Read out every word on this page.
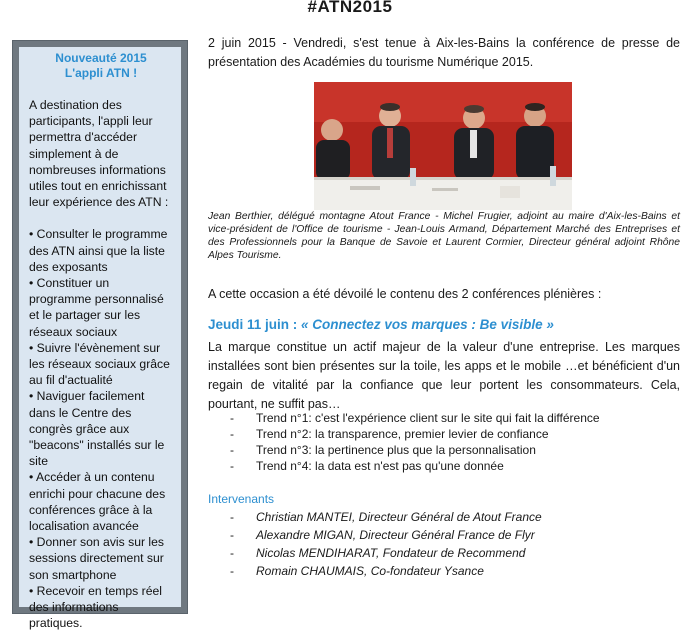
#ATN2015
Nouveauté 2015
L'appli ATN !

A destination des participants, l'appli leur permettra d'accéder simplement à de nombreuses informations utiles tout en enrichissant leur expérience des ATN :

• Consulter le programme des ATN ainsi que la liste des exposants
• Constituer un programme personnalisé et le partager sur les réseaux sociaux
• Suivre l'évènement sur les réseaux sociaux grâce au fil d'actualité
• Naviguer facilement dans le Centre des congrès grâce aux "beacons" installés sur le site
• Accéder à un contenu enrichi pour chacune des conférences grâce à la localisation avancée
• Donner son avis sur les sessions directement sur son smartphone
• Recevoir en temps réel des informations pratiques.

2 juin 2015 - Vendredi, s'est tenue à Aix-les-Bains la conférence de presse de présentation des Académies du tourisme Numérique 2015.

Jean Berthier, délégué montagne Atout France - Michel Frugier, adjoint au maire d'Aix-les-Bains et vice-président de l'Office de tourisme - Jean-Louis Armand, Département Marché des Entreprises et des Professionnels pour la Banque de Savoie et Laurent Cormier, Directeur général adjoint Rhône Alpes Tourisme.

A cette occasion a été dévoilé le contenu des 2 conférences plénières :

Jeudi 11 juin : « Connectez vos marques : Be visible »

La marque constitue un actif majeur de la valeur d'une entreprise. Les marques installées sont bien présentes sur la toile, les apps et le mobile …et bénéficient d'un regain de vitalité par la confiance que leur portent les consommateurs. Cela, pourtant, ne suffit pas…

- Trend n°1: c'est l'expérience client sur le site qui fait la différence
- Trend n°2: la transparence, premier levier de confiance
- Trend n°3: la pertinence plus que la personnalisation
- Trend n°4: la data est n'est pas qu'une donnée
Intervenants
- Christian MANTEI, Directeur Général de Atout France
- Alexandre MIGAN, Directeur Général France de Flyr
- Nicolas MENDIHARAT, Fondateur de Recommend
- Romain CHAUMAIS, Co-fondateur Ysance
